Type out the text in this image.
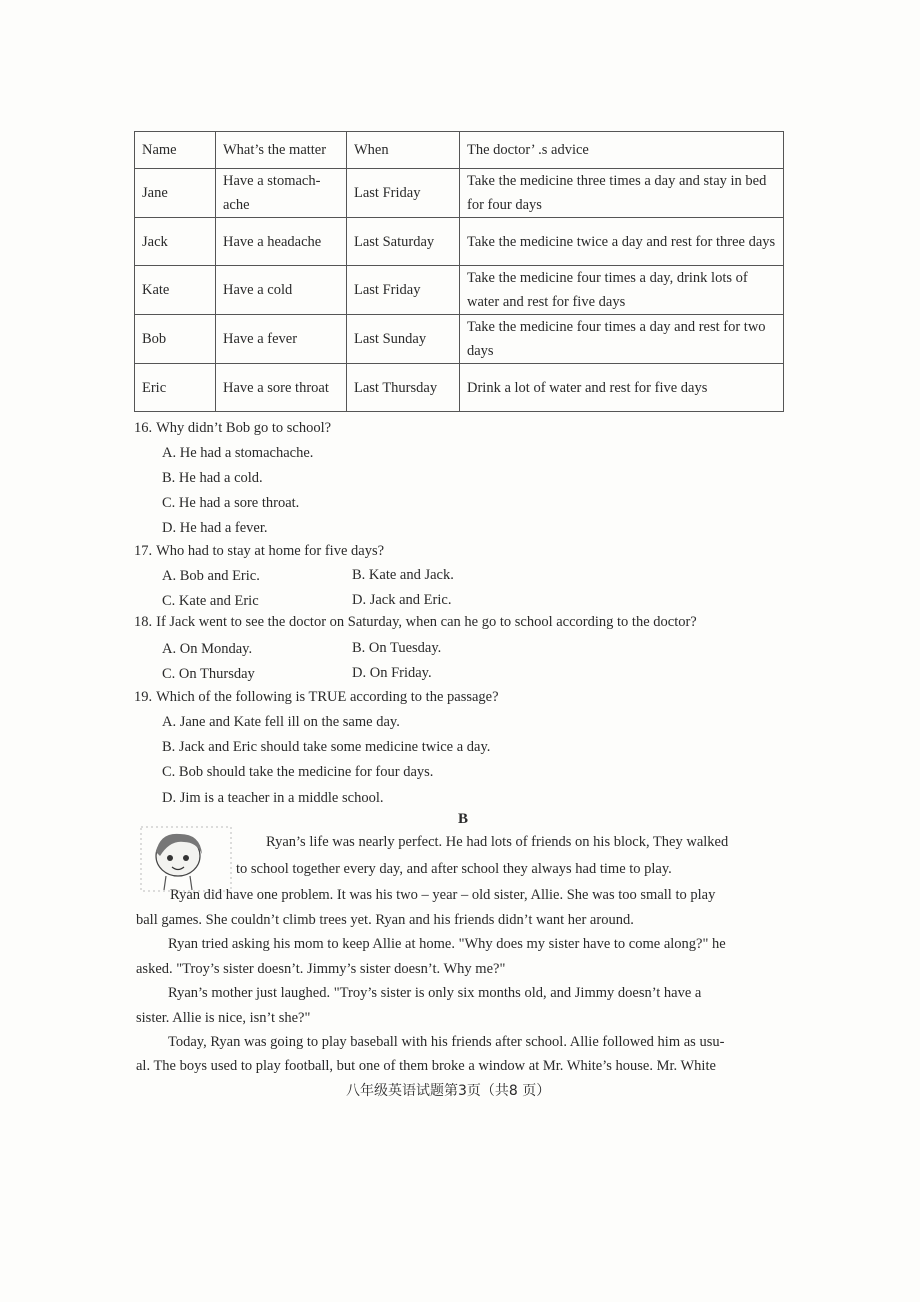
Name	What’s the matter	When	The doctor’ .s advice
Jane	Have a stomach-ache	Last Friday	Take the medicine three times a day and stay in bed for four days
Jack	Have a headache	Last Saturday	Take the medicine twice a day and rest for three days
Kate	Have a cold	Last Friday	Take the medicine four times a day, drink lots of water and rest for five days
Bob	Have a fever	Last Sunday	Take the medicine four times a day and rest for two days
Eric	Have a sore throat	Last Thursday	Drink a lot of water and rest for five days
16. Why didn’t Bob go to school?
A. He had a stomachache.
B. He had a cold.
C. He had a sore throat.
D. He had a fever.
17. Who had to stay at home for five days?
A. Bob and Eric.	B. Kate and Jack.
C. Kate and Eric	D. Jack and Eric.
18. If Jack went to see the doctor on Saturday, when can he go to school according to the doctor?
A. On Monday.	B. On Tuesday.
C. On Thursday	D. On Friday.
19. Which of the following is TRUE according to the passage?
A. Jane and Kate fell ill on the same day.
B. Jack and Eric should take some medicine twice a day.
C. Bob should take the medicine for four days.
D. Jim is a teacher in a middle school.
B
Ryan’s life was nearly perfect. He had lots of friends on his block, They walked
to school together every day, and after school they always had time to play.
Ryan did have one problem. It was his two – year – old sister, Allie. She was too small to play
ball games. She couldn’t climb trees yet. Ryan and his friends didn’t want her around.
Ryan tried asking his mom to keep Allie at home. "Why does my sister have to come along?" he
asked. "Troy’s sister doesn’t. Jimmy’s sister doesn’t. Why me?"
Ryan’s mother just laughed. "Troy’s sister is only six months old, and Jimmy doesn’t have a
sister. Allie is nice, isn’t she?"
Today, Ryan was going to play baseball with his friends after school. Allie followed him as usu-
al. The boys used to play football, but one of them broke a window at Mr. White’s house. Mr. White
八年级英语试题第3页（共8 页）
